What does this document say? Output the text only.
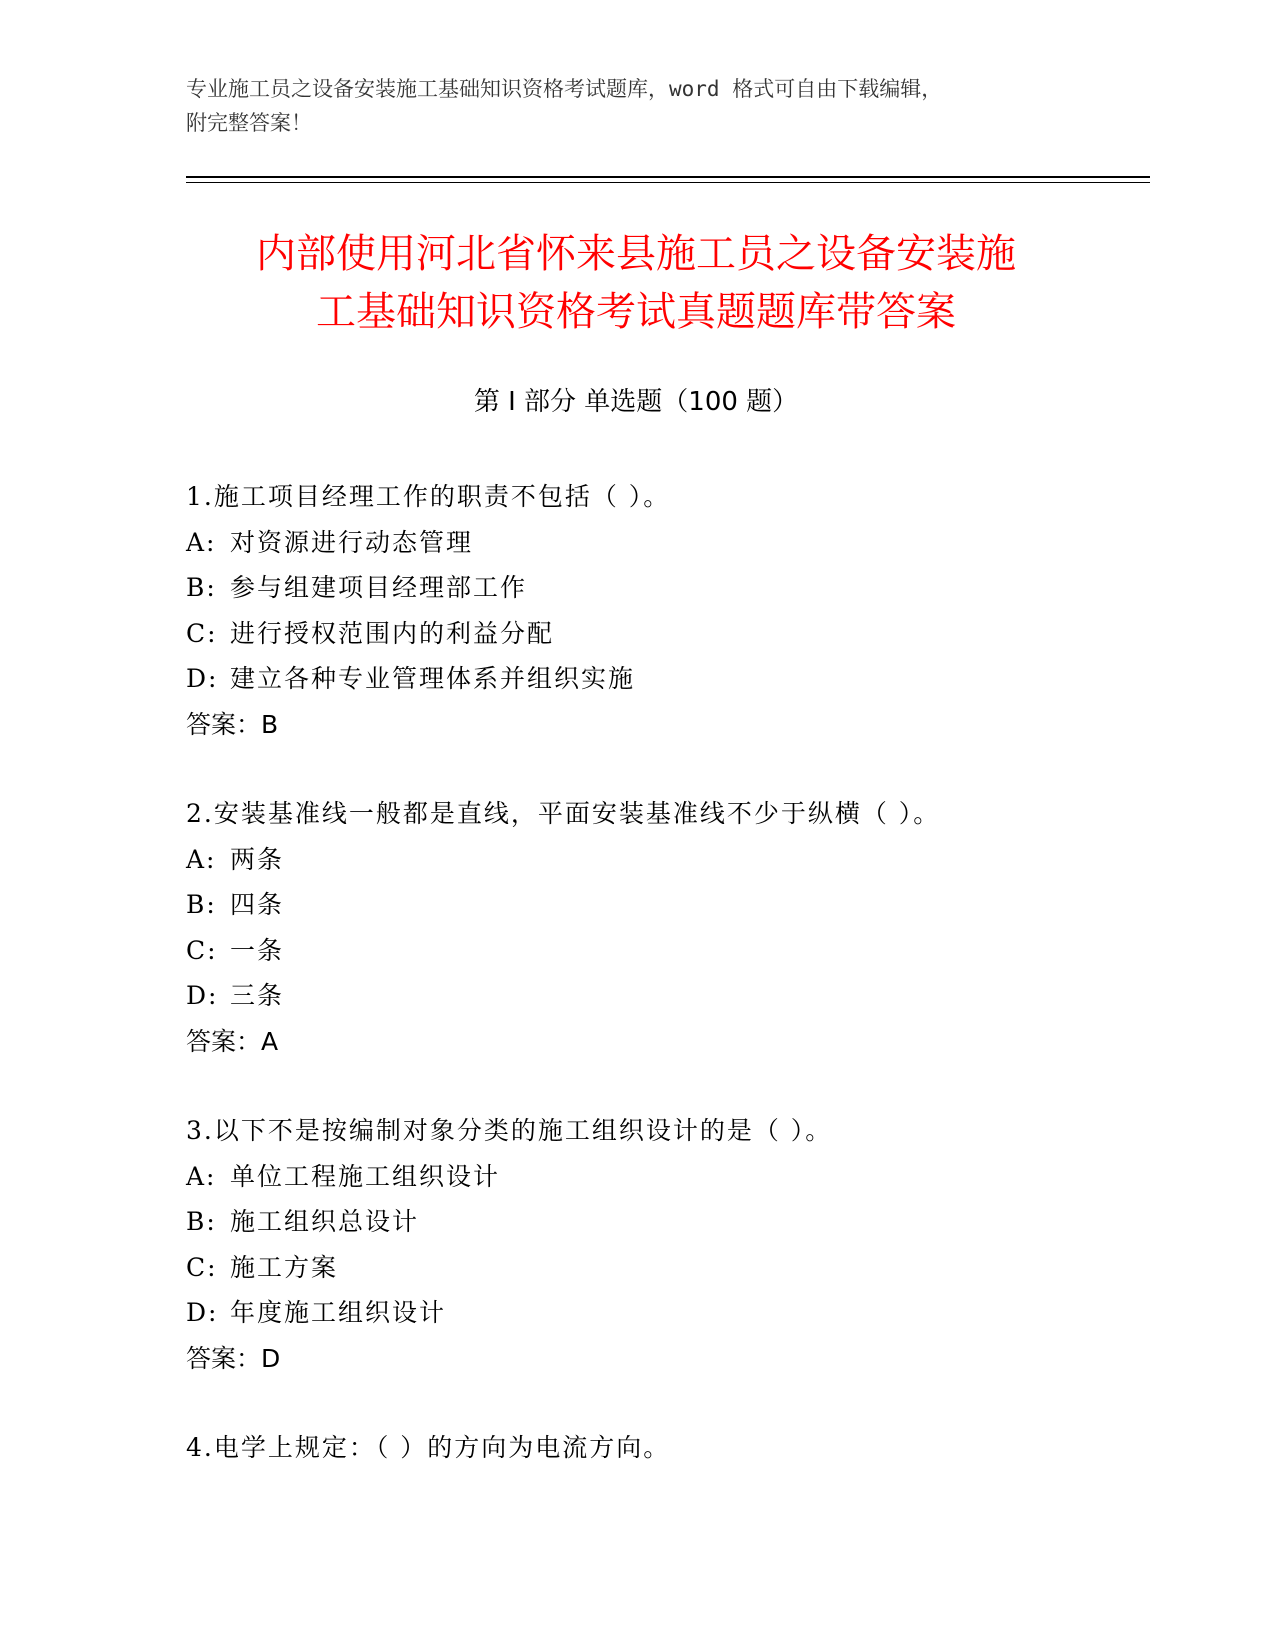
专业施工员之设备安装施工基础知识资格考试题库，word 格式可自由下载编辑，
附完整答案！
内部使用河北省怀来县施工员之设备安装施
工基础知识资格考试真题题库带答案
第 I 部分 单选题（100 题）
1.施工项目经理工作的职责不包括（ ）。
A: 对资源进行动态管理
B: 参与组建项目经理部工作
C: 进行授权范围内的利益分配
D: 建立各种专业管理体系并组织实施
答案：B
2.安装基准线一般都是直线，平面安装基准线不少于纵横（ ）。
A: 两条
B: 四条
C: 一条
D: 三条
答案：A
3.以下不是按编制对象分类的施工组织设计的是（ ）。
A: 单位工程施工组织设计
B: 施工组织总设计
C: 施工方案
D: 年度施工组织设计
答案：D
4.电学上规定：（ ）的方向为电流方向。
